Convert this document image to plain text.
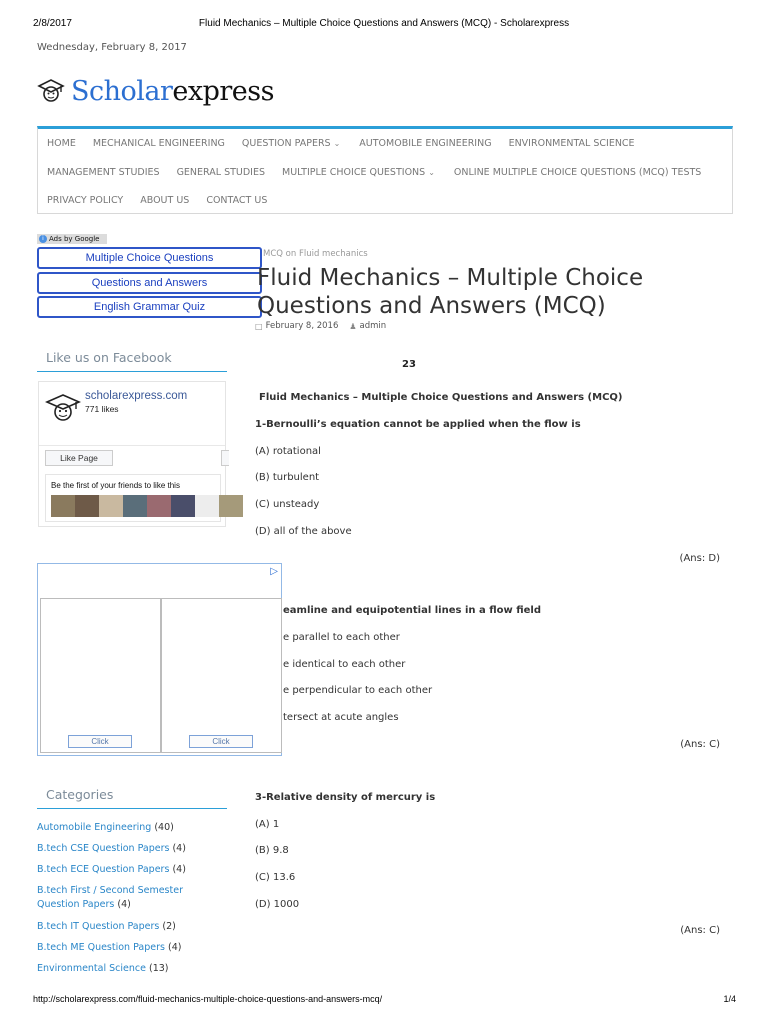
2/8/2017	Fluid Mechanics – Multiple Choice Questions and Answers (MCQ) - Scholarexpress
Wednesday, February 8, 2017
Scholarexpress
HOME MECHANICAL ENGINEERING QUESTION PAPERS ⌄ AUTOMOBILE ENGINEERING ENVIRONMENTAL SCIENCE
MANAGEMENT STUDIES GENERAL STUDIES MULTIPLE CHOICE QUESTIONS ⌄ ONLINE MULTIPLE CHOICE QUESTIONS (MCQ) TESTS
PRIVACY POLICY ABOUT US CONTACT US
i Ads by Google
Multiple Choice Questions
Questions and Answers
English Grammar Quiz
Like us on Facebook
scholarexpress.com
771 likes
Like Page
Be the first of your friends to like this
▷
Click	Click
Categories
Automobile Engineering (40)
B.tech CSE Question Papers (4)
B.tech ECE Question Papers (4)
B.tech First / Second Semester
Question Papers (4)
B.tech IT Question Papers (2)
B.tech ME Question Papers (4)
Environmental Science (13)
MCQ on Fluid mechanics
Fluid Mechanics – Multiple Choice
Questions and Answers (MCQ)
□ February 8, 2016 ♟ admin
23
Fluid Mechanics – Multiple Choice Questions and Answers (MCQ)
1-Bernoulli’s equation cannot be applied when the flow is
(A) rotational
(B) turbulent
(C) unsteady
(D) all of the above
(Ans: D)
eamline and equipotential lines in a flow field
e parallel to each other
e identical to each other
e perpendicular to each other
tersect at acute angles
(Ans: C)
3-Relative density of mercury is
(A) 1
(B) 9.8
(C) 13.6
(D) 1000
(Ans: C)
http://scholarexpress.com/fluid-mechanics-multiple-choice-questions-and-answers-mcq/	1/4
